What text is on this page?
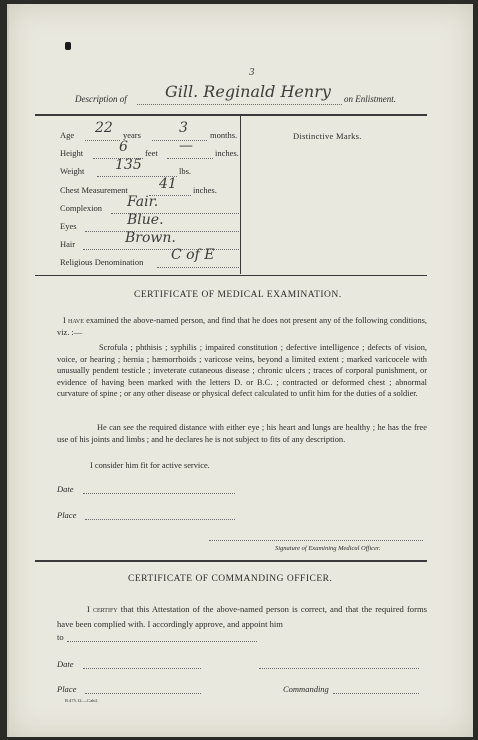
Description of Gill. Reginald Henry
3
on Enlistment.
Age 22 years	3	months.
Height	6 feet —	inches.
Weight 135	lbs.
Chest Measurement 41 inches.
Complexion Fair.
Eyes	Blue.
Hair	Brown.
Religious Denomination C of E
Distinctive Marks.
CERTIFICATE OF MEDICAL EXAMINATION.
I have examined the above-named person, and find that he does not present any of the following conditions, viz. :—
Scrofula ; phthisis ; syphilis ; impaired constitution ; defective intelligence ; defects of vision, voice, or hearing ; hernia ; hæmorrhoids ; varicose veins, beyond a limited extent ; marked varicocele with unusually pendent testicle ; inveterate cutaneous disease ; chronic ulcers ; traces of corporal punishment, or evidence of having been marked with the letters D. or B.C. ; contracted or deformed chest ; abnormal curvature of spine ; or any other disease or physical defect calculated to unfit him for the duties of a soldier.
He can see the required distance with either eye ; his heart and lungs are healthy ; he has the free use of his joints and limbs ; and he declares he is not subject to fits of any description.
I consider him fit for active service.
Date
Place
Signature of Examining Medical Officer.
CERTIFICATE OF COMMANDING OFFICER.
I certify that this Attestation of the above-named person is correct, and that the required forms have been complied with. I accordingly approve, and appoint him
to
Date
Place	Commanding
B.475.12.—Cahil.
